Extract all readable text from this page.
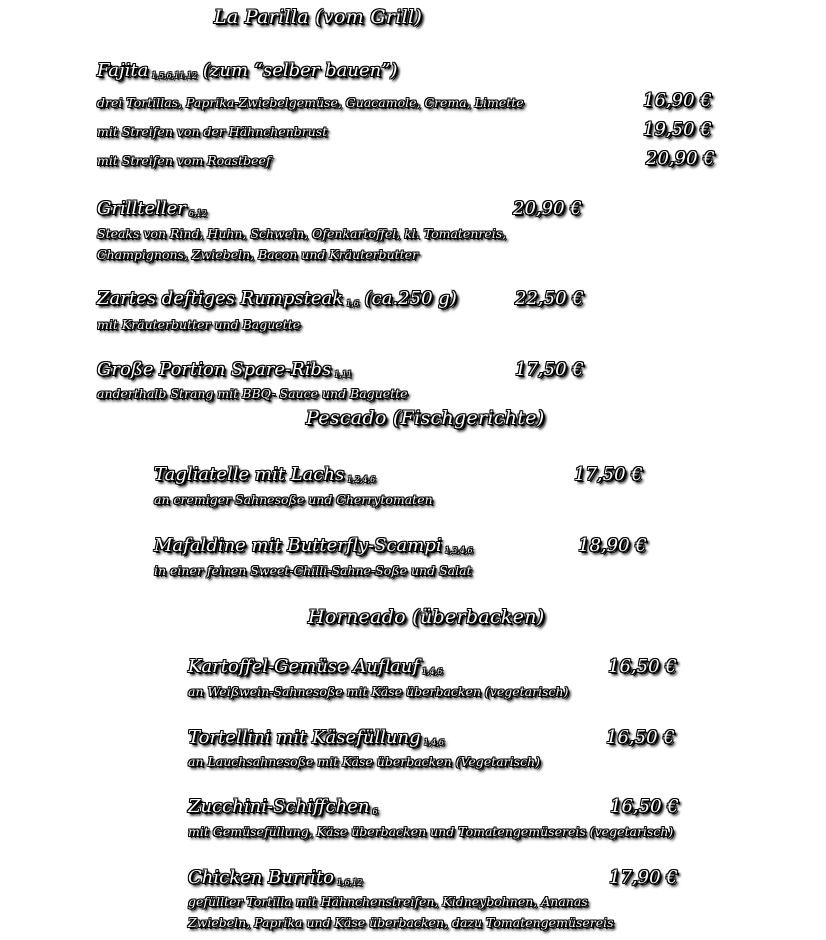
La Parilla (vom Grill)
Fajita $_{1,5,6,11,12}$ (zum “selber bauen”)
drei Tortillas, Paprika-Zwiebelgemüse, Guacamole, Crema, Limette	16,90 €
mit Streifen von der Hähnchenbrust	19,50 €
mit Streifen vom Roastbeef	20,90 €
Grillteller $_{6,12}$	20,90 €
Steaks von Rind, Huhn, Schwein, Ofenkartoffel, kl. Tomatenreis,
Champignons, Zwiebeln, Bacon und Kräuterbutter
Zartes deftiges Rumpsteak $_{1,6}$ (ca.250 g)	22,50 €
mit Kräuterbutter und Baguette
Große Portion Spare-Ribs $_{1,11}$	17,50 €
anderthalb Strang mit BBQ- Sauce und Baguette
Pescado (Fischgerichte)
Tagliatelle mit Lachs $_{1,2,4,6}$	17,50 €
an cremiger Sahnesoße und Cherrytomaten
Mafaldine mit Butterfly-Scampi $_{1,3,4,6}$	18,90 €
in einer feinen Sweet-Chilli-Sahne-Soße und Salat
Horneado (überbacken)
Kartoffel-Gemüse Auflauf $_{1,4,6}$	16,50 €
an Weißwein-Sahnesoße mit Käse überbacken (vegetarisch)
Tortellini mit Käsefüllung $_{1,4,6}$	16,50 €
an Lauchsahnesoße mit Käse überbacken (Vegetarisch)
Zucchini-Schiffchen $_6$	16,50 €
mit Gemüsefüllung, Käse überbacken und Tomatengemüsereis (vegetarisch)
Chicken Burrito $_{1,6,12}$	17,90 €
gefüllter Tortilla mit Hähnchenstreifen, Kidneybohnen, Ananas
Zwiebeln, Paprika und Käse überbacken, dazu Tomatengemüsereis
